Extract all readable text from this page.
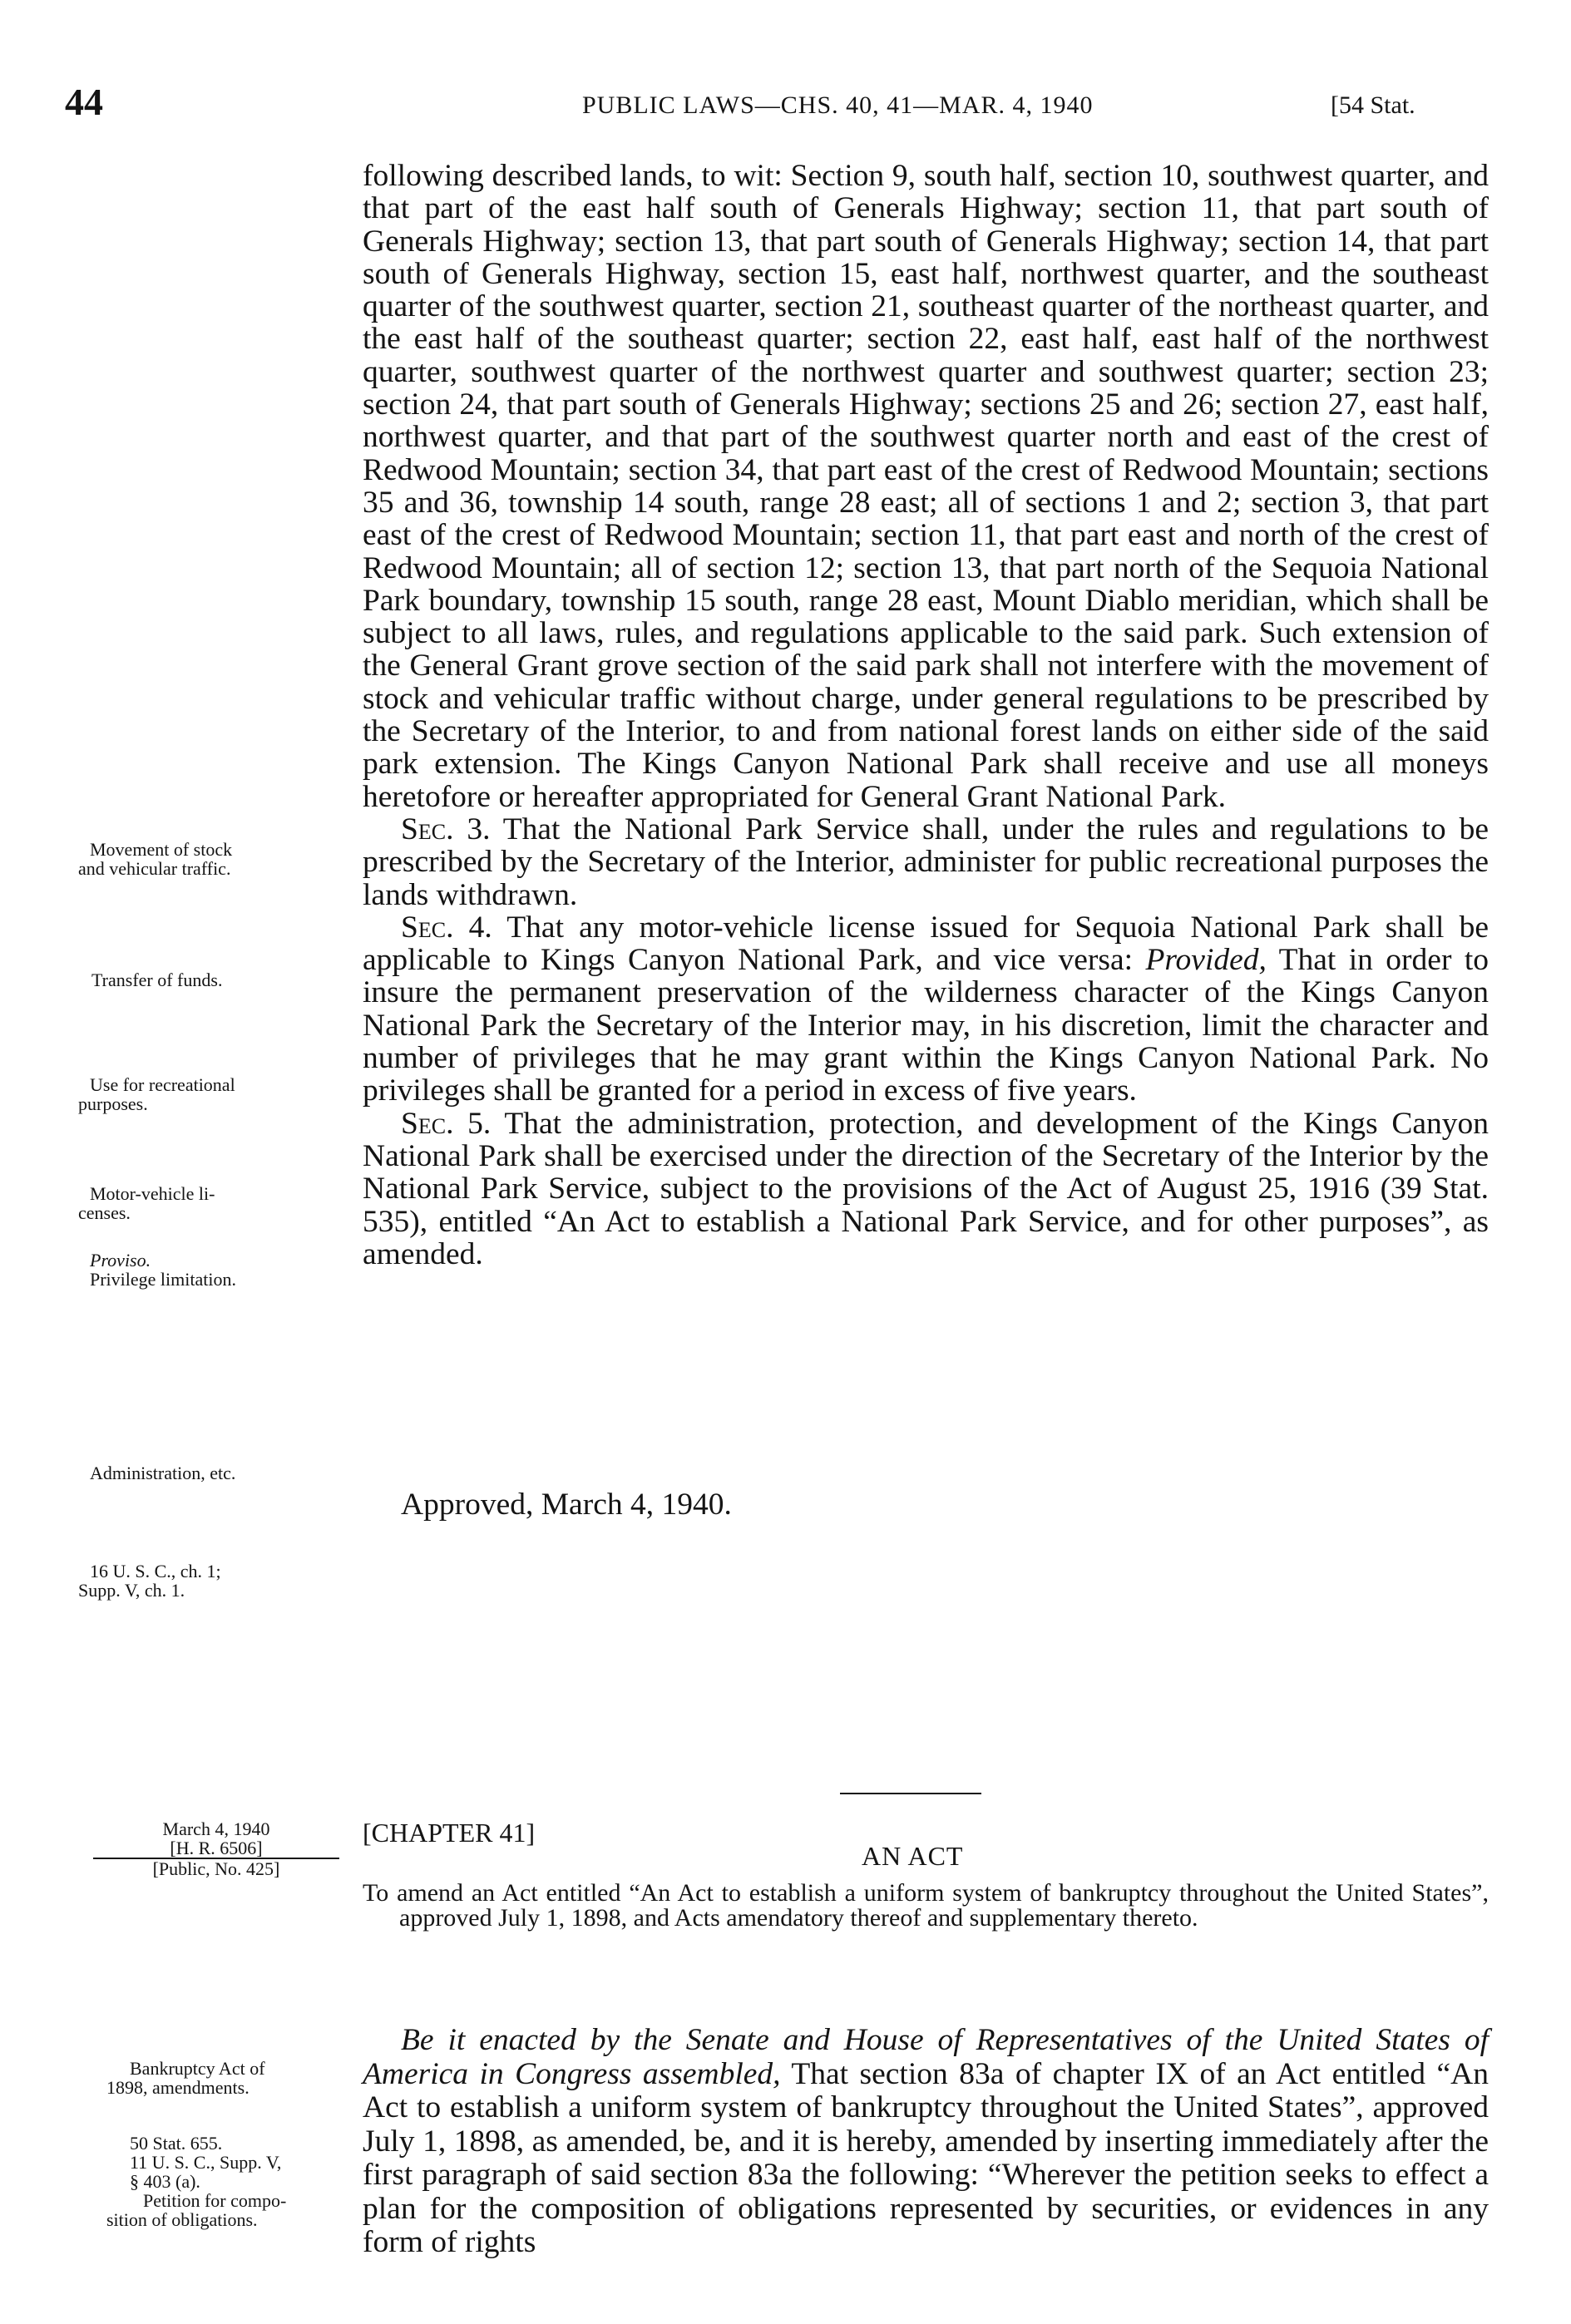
44	PUBLIC LAWS—CHS. 40, 41—MAR. 4, 1940	[54 Stat.

following described lands, to wit: Section 9, south half, section 10, southwest quarter, and that part of the east half south of Generals Highway; section 11, that part south of Generals Highway; section 13, that part south of Generals Highway; section 14, that part south of Generals Highway, section 15, east half, northwest quarter, and the southeast quarter of the southwest quarter, section 21, southeast quarter of the northeast quarter, and the east half of the southeast quarter; section 22, east half, east half of the northwest quarter, southwest quarter of the northwest quarter and southwest quarter; section 23; section 24, that part south of Generals Highway; sections 25 and 26; section 27, east half, northwest quarter, and that part of the southwest quarter north and east of the crest of Redwood Mountain; section 34, that part east of the crest of Redwood Mountain; sections 35 and 36, township 14 south, range 28 east; all of sections 1 and 2; section 3, that part east of the crest of Redwood Mountain; section 11, that part east and north of the crest of Redwood Mountain; all of section 12; section 13, that part north of the Sequoia National Park boundary, township 15 south, range 28 east, Mount Diablo meridian, which shall be subject to all laws, rules, and regulations applicable to the said park. Such extension of the General Grant grove section of the said park shall not interfere with the movement of stock and vehicular traffic without charge, under general regulations to be prescribed by the Secretary of the Interior, to and from national forest lands on either side of the said park extension. The Kings Canyon National Park shall receive and use all moneys heretofore or hereafter appropriated for General Grant National Park.

Sec. 3. That the National Park Service shall, under the rules and regulations to be prescribed by the Secretary of the Interior, administer for public recreational purposes the lands withdrawn.

Sec. 4. That any motor-vehicle license issued for Sequoia National Park shall be applicable to Kings Canyon National Park, and vice versa: Provided, That in order to insure the permanent preservation of the wilderness character of the Kings Canyon National Park the Secretary of the Interior may, in his discretion, limit the character and number of privileges that he may grant within the Kings Canyon National Park. No privileges shall be granted for a period in excess of five years.

Sec. 5. That the administration, protection, and development of the Kings Canyon National Park shall be exercised under the direction of the Secretary of the Interior by the National Park Service, subject to the provisions of the Act of August 25, 1916 (39 Stat. 535), entitled “An Act to establish a National Park Service, and for other purposes”, as amended.

Approved, March 4, 1940.
[CHAPTER 41]
AN ACT
To amend an Act entitled “An Act to establish a uniform system of bankruptcy throughout the United States”, approved July 1, 1898, and Acts amendatory thereof and supplementary thereto.
Be it enacted by the Senate and House of Representatives of the United States of America in Congress assembled, That section 83a of chapter IX of an Act entitled “An Act to establish a uniform system of bankruptcy throughout the United States”, approved July 1, 1898, as amended, be, and it is hereby, amended by inserting immediately after the first paragraph of said section 83a the following: “Wherever the petition seeks to effect a plan for the composition of obligations represented by securities, or evidences in any form of rights
Movement of stock
and vehicular traffic.
Transfer of funds.
Use for recreational
purposes.
Motor-vehicle li-
censes.
Proviso.
Privilege limitation.
Administration, etc.
16 U. S. C., ch. 1;
Supp. V, ch. 1.
March 4, 1940
[H. R. 6506]
[Public, No. 425]
Bankruptcy Act of
1898, amendments.
50 Stat. 655.
11 U. S. C., Supp. V,
§ 403 (a).
Petition for compo-
sition of obligations.
